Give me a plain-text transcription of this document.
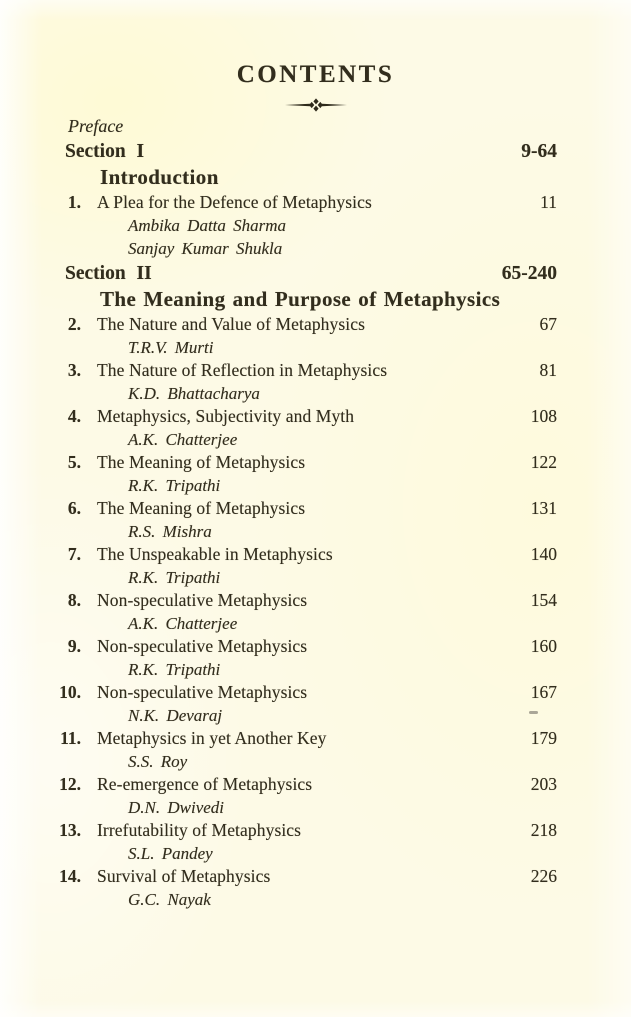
CONTENTS
Preface
Section I	9-64
Introduction
1. A Plea for the Defence of Metaphysics	11
Ambika Datta Sharma
Sanjay Kumar Shukla
Section II	65-240
The Meaning and Purpose of Metaphysics
2. The Nature and Value of Metaphysics	67
T.R.V. Murti
3. The Nature of Reflection in Metaphysics	81
K.D. Bhattacharya
4. Metaphysics, Subjectivity and Myth	108
A.K. Chatterjee
5. The Meaning of Metaphysics	122
R.K. Tripathi
6. The Meaning of Metaphysics	131
R.S. Mishra
7. The Unspeakable in Metaphysics	140
R.K. Tripathi
8. Non-speculative Metaphysics	154
A.K. Chatterjee
9. Non-speculative Metaphysics	160
R.K. Tripathi
10. Non-speculative Metaphysics	167
N.K. Devaraj
11. Metaphysics in yet Another Key	179
S.S. Roy
12. Re-emergence of Metaphysics	203
D.N. Dwivedi
13. Irrefutability of Metaphysics	218
S.L. Pandey
14. Survival of Metaphysics	226
G.C. Nayak
